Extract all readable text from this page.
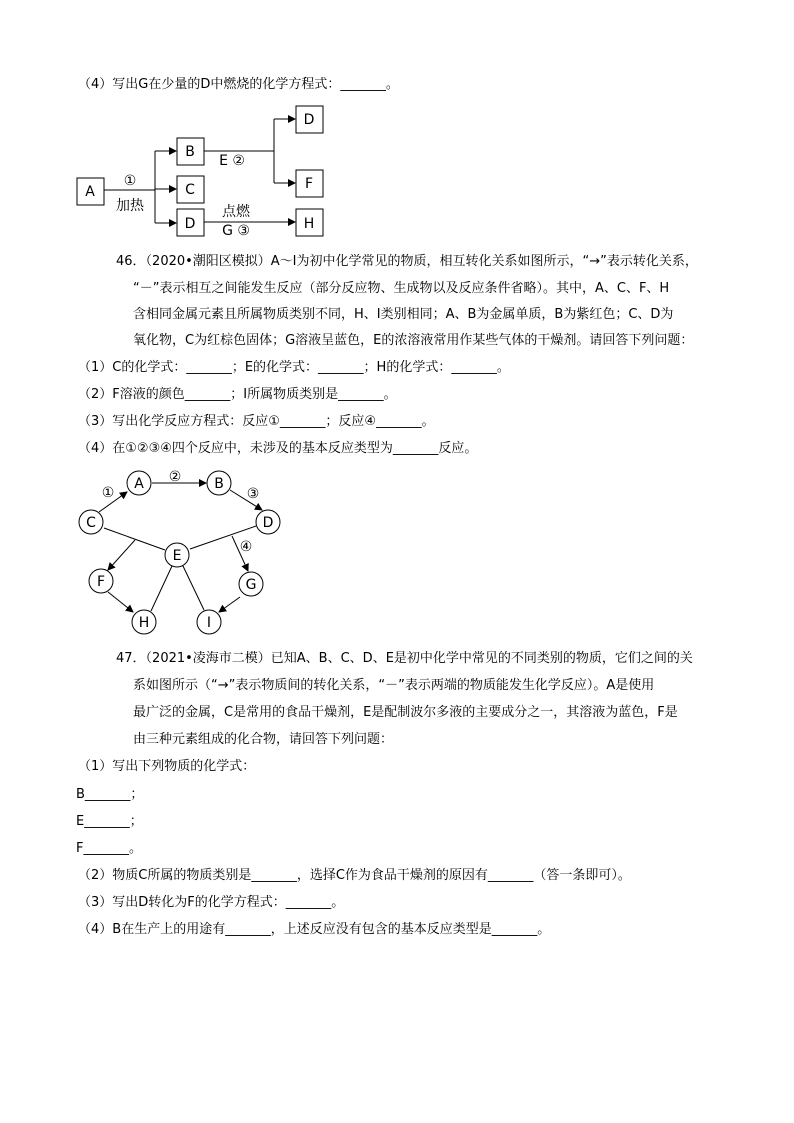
（4）写出G在少量的D中燃烧的化学方程式：_______。
A
B
C
D
D
F
H
①
加热
E ②
点燃
G ③
46．（2020•潮阳区模拟）A～I为初中化学常见的物质，相互转化关系如图所示，“→”表示转化关系，
“－”表示相互之间能发生反应（部分反应物、生成物以及反应条件省略）。其中，A、C、F、H
含相同金属元素且所属物质类别不同，H、I类别相同；A、B为金属单质，B为紫红色；C、D为
氧化物，C为红棕色固体；G溶液呈蓝色，E的浓溶液常用作某些气体的干燥剂。请回答下列问题：
（1）C的化学式：_______；E的化学式：_______；H的化学式：_______。
（2）F溶液的颜色_______；I所属物质类别是_______。
（3）写出化学反应方程式：反应①_______；反应④_______。
（4）在①②③④四个反应中，未涉及的基本反应类型为_______反应。
A	B
C	D
E
F	G
H	I
①
②
③
④
47．（2021•凌海市二模）已知A、B、C、D、E是初中化学中常见的不同类别的物质，它们之间的关
系如图所示（“→”表示物质间的转化关系，“－”表示两端的物质能发生化学反应）。A是使用
最广泛的金属，C是常用的食品干燥剂，E是配制波尔多液的主要成分之一，其溶液为蓝色，F是
由三种元素组成的化合物，请回答下列问题：
（1）写出下列物质的化学式：
B_______；
E_______；
F_______。
（2）物质C所属的物质类别是_______，选择C作为食品干燥剂的原因有_______（答一条即可）。
（3）写出D转化为F的化学方程式：_______。
（4）B在生产上的用途有_______，上述反应没有包含的基本反应类型是_______。
